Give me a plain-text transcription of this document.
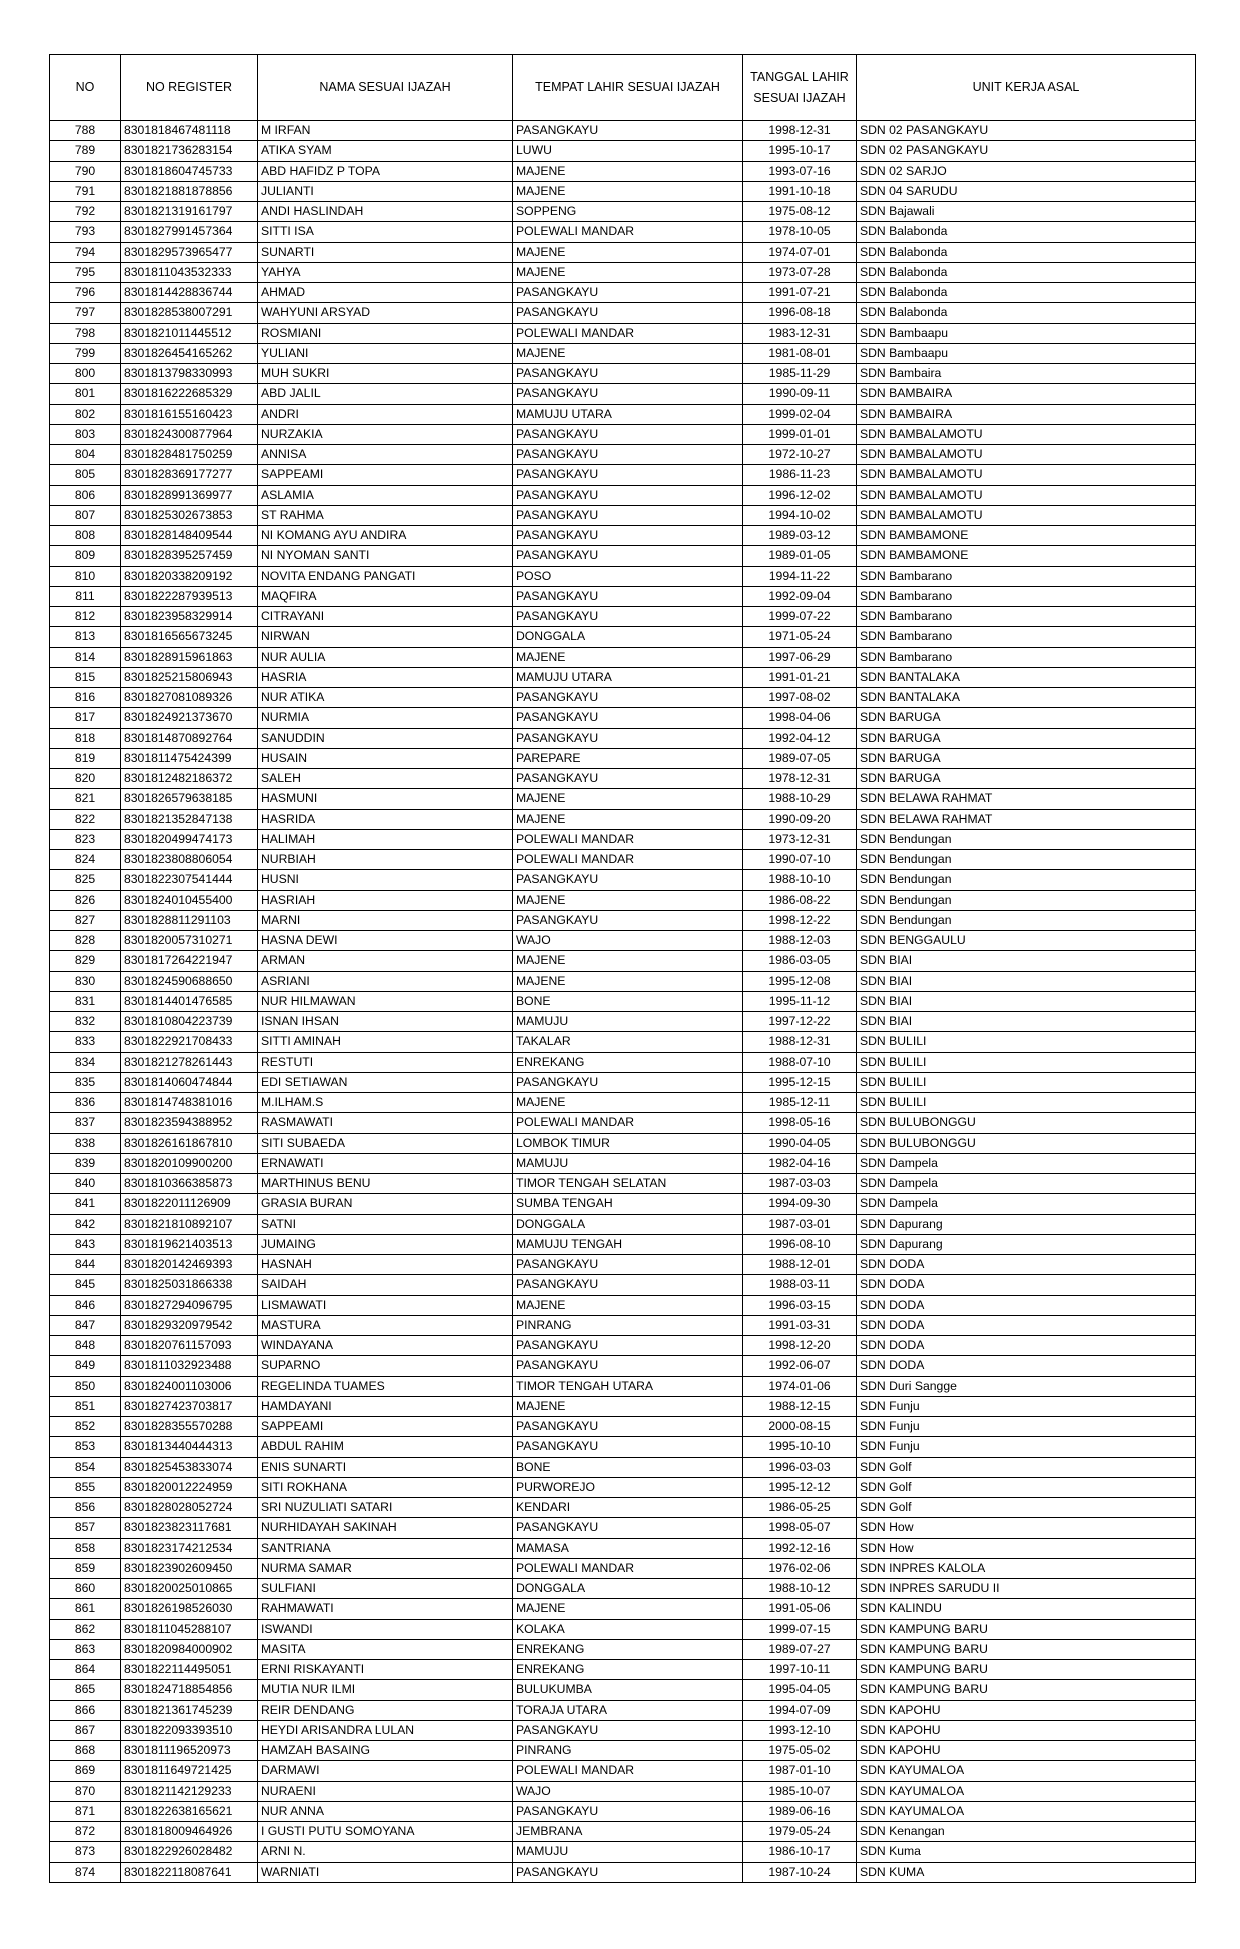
NO	NO REGISTER	NAMA SESUAI IJAZAH	TEMPAT LAHIR SESUAI IJAZAH	TANGGAL LAHIR SESUAI IJAZAH	UNIT KERJA ASAL
788	8301818467481118	M IRFAN	PASANGKAYU	1998-12-31	SDN 02 PASANGKAYU
789	8301821736283154	ATIKA SYAM	LUWU	1995-10-17	SDN 02 PASANGKAYU
790	8301818604745733	ABD HAFIDZ P TOPA	MAJENE	1993-07-16	SDN 02 SARJO
791	8301821881878856	JULIANTI	MAJENE	1991-10-18	SDN 04 SARUDU
792	8301821319161797	ANDI HASLINDAH	SOPPENG	1975-08-12	SDN Bajawali
793	8301827991457364	SITTI ISA	POLEWALI MANDAR	1978-10-05	SDN Balabonda
794	8301829573965477	SUNARTI	MAJENE	1974-07-01	SDN Balabonda
795	8301811043532333	YAHYA	MAJENE	1973-07-28	SDN Balabonda
796	8301814428836744	AHMAD	PASANGKAYU	1991-07-21	SDN Balabonda
797	8301828538007291	WAHYUNI ARSYAD	PASANGKAYU	1996-08-18	SDN Balabonda
798	8301821011445512	ROSMIANI	POLEWALI MANDAR	1983-12-31	SDN Bambaapu
799	8301826454165262	YULIANI	MAJENE	1981-08-01	SDN Bambaapu
800	8301813798330993	MUH SUKRI	PASANGKAYU	1985-11-29	SDN Bambaira
801	8301816222685329	ABD JALIL	PASANGKAYU	1990-09-11	SDN BAMBAIRA
802	8301816155160423	ANDRI	MAMUJU UTARA	1999-02-04	SDN BAMBAIRA
803	8301824300877964	NURZAKIA	PASANGKAYU	1999-01-01	SDN BAMBALAMOTU
804	8301828481750259	ANNISA	PASANGKAYU	1972-10-27	SDN BAMBALAMOTU
805	8301828369177277	SAPPEAMI	PASANGKAYU	1986-11-23	SDN BAMBALAMOTU
806	8301828991369977	ASLAMIA	PASANGKAYU	1996-12-02	SDN BAMBALAMOTU
807	8301825302673853	ST RAHMA	PASANGKAYU	1994-10-02	SDN BAMBALAMOTU
808	8301828148409544	NI KOMANG AYU ANDIRA	PASANGKAYU	1989-03-12	SDN BAMBAMONE
809	8301828395257459	NI NYOMAN SANTI	PASANGKAYU	1989-01-05	SDN BAMBAMONE
810	8301820338209192	NOVITA ENDANG PANGATI	POSO	1994-11-22	SDN Bambarano
811	8301822287939513	MAQFIRA	PASANGKAYU	1992-09-04	SDN Bambarano
812	8301823958329914	CITRAYANI	PASANGKAYU	1999-07-22	SDN Bambarano
813	8301816565673245	NIRWAN	DONGGALA	1971-05-24	SDN Bambarano
814	8301828915961863	NUR AULIA	MAJENE	1997-06-29	SDN Bambarano
815	8301825215806943	HASRIA	MAMUJU UTARA	1991-01-21	SDN BANTALAKA
816	8301827081089326	NUR ATIKA	PASANGKAYU	1997-08-02	SDN BANTALAKA
817	8301824921373670	NURMIA	PASANGKAYU	1998-04-06	SDN BARUGA
818	8301814870892764	SANUDDIN	PASANGKAYU	1992-04-12	SDN BARUGA
819	8301811475424399	HUSAIN	PAREPARE	1989-07-05	SDN BARUGA
820	8301812482186372	SALEH	PASANGKAYU	1978-12-31	SDN BARUGA
821	8301826579638185	HASMUNI	MAJENE	1988-10-29	SDN BELAWA RAHMAT
822	8301821352847138	HASRIDA	MAJENE	1990-09-20	SDN BELAWA RAHMAT
823	8301820499474173	HALIMAH	POLEWALI MANDAR	1973-12-31	SDN Bendungan
824	8301823808806054	NURBIAH	POLEWALI MANDAR	1990-07-10	SDN Bendungan
825	8301822307541444	HUSNI	PASANGKAYU	1988-10-10	SDN Bendungan
826	8301824010455400	HASRIAH	MAJENE	1986-08-22	SDN Bendungan
827	8301828811291103	MARNI	PASANGKAYU	1998-12-22	SDN Bendungan
828	8301820057310271	HASNA DEWI	WAJO	1988-12-03	SDN BENGGAULU
829	8301817264221947	ARMAN	MAJENE	1986-03-05	SDN BIAI
830	8301824590688650	ASRIANI	MAJENE	1995-12-08	SDN BIAI
831	8301814401476585	NUR HILMAWAN	BONE	1995-11-12	SDN BIAI
832	8301810804223739	ISNAN IHSAN	MAMUJU	1997-12-22	SDN BIAI
833	8301822921708433	SITTI AMINAH	TAKALAR	1988-12-31	SDN BULILI
834	8301821278261443	RESTUTI	ENREKANG	1988-07-10	SDN BULILI
835	8301814060474844	EDI SETIAWAN	PASANGKAYU	1995-12-15	SDN BULILI
836	8301814748381016	M.ILHAM.S	MAJENE	1985-12-11	SDN BULILI
837	8301823594388952	RASMAWATI	POLEWALI MANDAR	1998-05-16	SDN BULUBONGGU
838	8301826161867810	SITI SUBAEDA	LOMBOK TIMUR	1990-04-05	SDN BULUBONGGU
839	8301820109900200	ERNAWATI	MAMUJU	1982-04-16	SDN Dampela
840	8301810366385873	MARTHINUS BENU	TIMOR TENGAH SELATAN	1987-03-03	SDN Dampela
841	8301822011126909	GRASIA BURAN	SUMBA TENGAH	1994-09-30	SDN Dampela
842	8301821810892107	SATNI	DONGGALA	1987-03-01	SDN Dapurang
843	8301819621403513	JUMAING	MAMUJU TENGAH	1996-08-10	SDN Dapurang
844	8301820142469393	HASNAH	PASANGKAYU	1988-12-01	SDN DODA
845	8301825031866338	SAIDAH	PASANGKAYU	1988-03-11	SDN DODA
846	8301827294096795	LISMAWATI	MAJENE	1996-03-15	SDN DODA
847	8301829320979542	MASTURA	PINRANG	1991-03-31	SDN DODA
848	8301820761157093	WINDAYANA	PASANGKAYU	1998-12-20	SDN DODA
849	8301811032923488	SUPARNO	PASANGKAYU	1992-06-07	SDN DODA
850	8301824001103006	REGELINDA TUAMES	TIMOR TENGAH UTARA	1974-01-06	SDN Duri Sangge
851	8301827423703817	HAMDAYANI	MAJENE	1988-12-15	SDN Funju
852	8301828355570288	SAPPEAMI	PASANGKAYU	2000-08-15	SDN Funju
853	8301813440444313	ABDUL RAHIM	PASANGKAYU	1995-10-10	SDN Funju
854	8301825453833074	ENIS SUNARTI	BONE	1996-03-03	SDN Golf
855	8301820012224959	SITI ROKHANA	PURWOREJO	1995-12-12	SDN Golf
856	8301828028052724	SRI NUZULIATI SATARI	KENDARI	1986-05-25	SDN Golf
857	8301823823117681	NURHIDAYAH SAKINAH	PASANGKAYU	1998-05-07	SDN How
858	8301823174212534	SANTRIANA	MAMASA	1992-12-16	SDN How
859	8301823902609450	NURMA SAMAR	POLEWALI MANDAR	1976-02-06	SDN INPRES KALOLA
860	8301820025010865	SULFIANI	DONGGALA	1988-10-12	SDN INPRES SARUDU II
861	8301826198526030	RAHMAWATI	MAJENE	1991-05-06	SDN KALINDU
862	8301811045288107	ISWANDI	KOLAKA	1999-07-15	SDN KAMPUNG BARU
863	8301820984000902	MASITA	ENREKANG	1989-07-27	SDN KAMPUNG BARU
864	8301822114495051	ERNI RISKAYANTI	ENREKANG	1997-10-11	SDN KAMPUNG BARU
865	8301824718854856	MUTIA NUR ILMI	BULUKUMBA	1995-04-05	SDN KAMPUNG BARU
866	8301821361745239	REIR DENDANG	TORAJA UTARA	1994-07-09	SDN KAPOHU
867	8301822093393510	HEYDI ARISANDRA LULAN	PASANGKAYU	1993-12-10	SDN KAPOHU
868	8301811196520973	HAMZAH BASAING	PINRANG	1975-05-02	SDN KAPOHU
869	8301811649721425	DARMAWI	POLEWALI MANDAR	1987-01-10	SDN KAYUMALOA
870	8301821142129233	NURAENI	WAJO	1985-10-07	SDN KAYUMALOA
871	8301822638165621	NUR ANNA	PASANGKAYU	1989-06-16	SDN KAYUMALOA
872	8301818009464926	I GUSTI PUTU SOMOYANA	JEMBRANA	1979-05-24	SDN Kenangan
873	8301822926028482	ARNI N.	MAMUJU	1986-10-17	SDN Kuma
874	8301822118087641	WARNIATI	PASANGKAYU	1987-10-24	SDN KUMA
